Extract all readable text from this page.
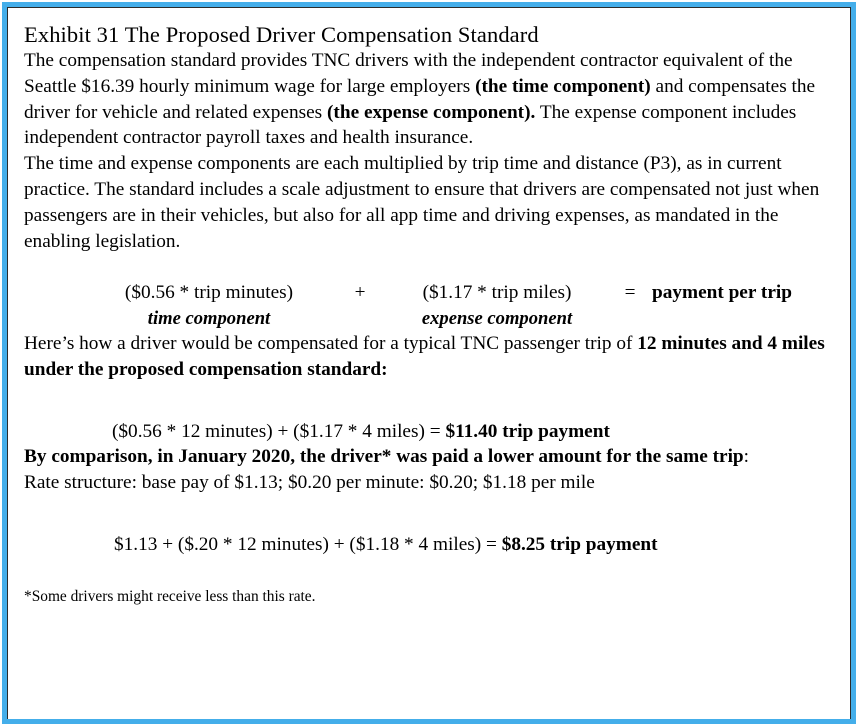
Exhibit 31 The Proposed Driver Compensation Standard

The compensation standard provides TNC drivers with the independent contractor equivalent of the Seattle $16.39 hourly minimum wage for large employers (the time component) and compensates the driver for vehicle and related expenses (the expense component). The expense component includes independent contractor payroll taxes and health insurance.

The time and expense components are each multiplied by trip time and distance (P3), as in current practice. The standard includes a scale adjustment to ensure that drivers are compensated not just when passengers are in their vehicles, but also for all app time and driving expenses, as mandated in the enabling legislation.

($0.56 * trip minutes)	+	($1.17 * trip miles)	= payment per trip
time component	expense component

Here’s how a driver would be compensated for a typical TNC passenger trip of 12 minutes and 4 miles under the proposed compensation standard:

($0.56 * 12 minutes) + ($1.17 * 4 miles) = $11.40 trip payment

By comparison, in January 2020, the driver* was paid a lower amount for the same trip:

Rate structure: base pay of $1.13; $0.20 per minute: $0.20; $1.18 per mile

$1.13 + ($.20 * 12 minutes) + ($1.18 * 4 miles) = $8.25 trip payment
*Some drivers might receive less than this rate.
